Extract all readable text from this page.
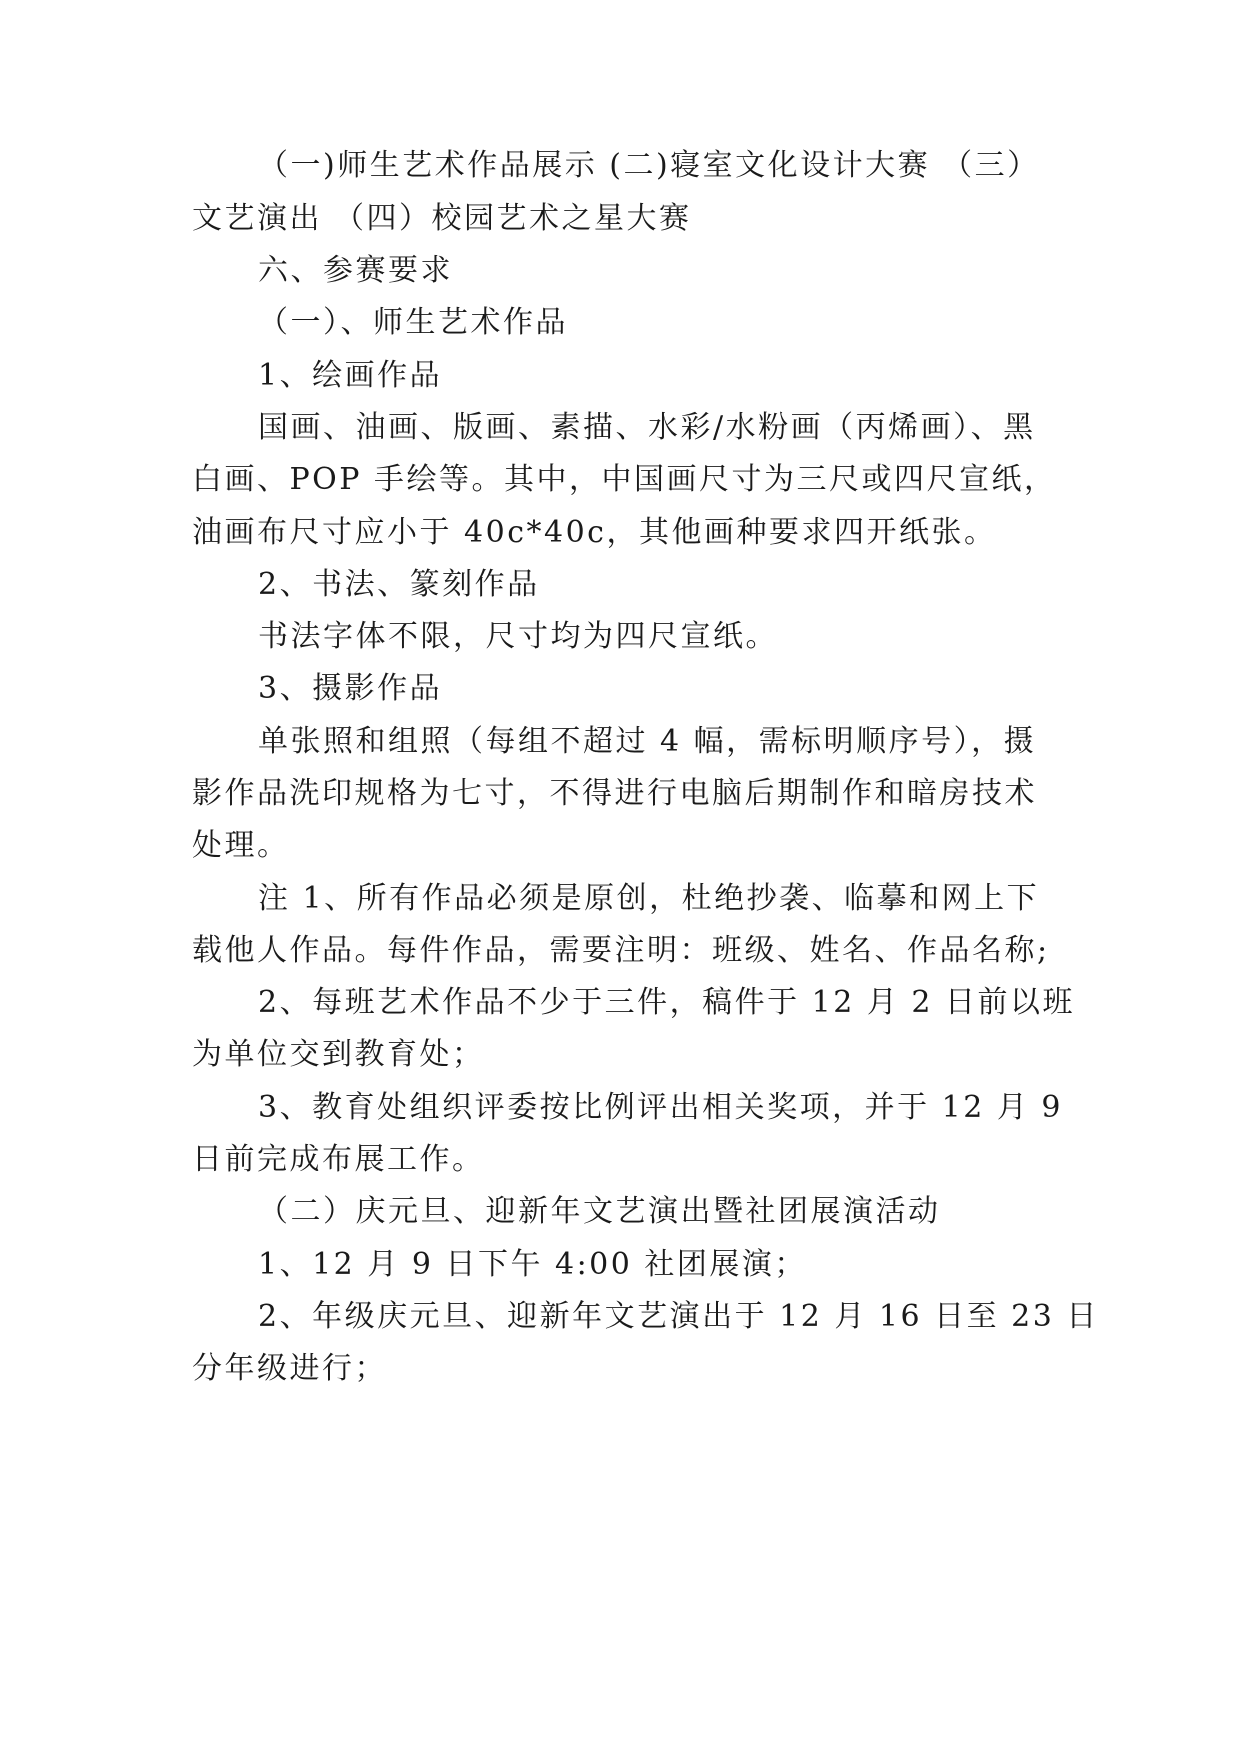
（一)师生艺术作品展示 (二)寝室文化设计大赛 （三）
文艺演出 （四）校园艺术之星大赛
六、参赛要求
（一）、师生艺术作品
1、绘画作品
国画、油画、版画、素描、水彩/水粉画（丙烯画）、黑
白画、POP 手绘等。其中，中国画尺寸为三尺或四尺宣纸，
油画布尺寸应小于 40c*40c，其他画种要求四开纸张。
2、书法、篆刻作品
书法字体不限，尺寸均为四尺宣纸。
3、摄影作品
单张照和组照（每组不超过 4 幅，需标明顺序号），摄
影作品洗印规格为七寸，不得进行电脑后期制作和暗房技术
处理。
注 1、所有作品必须是原创，杜绝抄袭、临摹和网上下
载他人作品。每件作品，需要注明：班级、姓名、作品名称;
2、每班艺术作品不少于三件，稿件于 12 月 2 日前以班
为单位交到教育处；
3、教育处组织评委按比例评出相关奖项，并于 12 月 9
日前完成布展工作。
（二）庆元旦、迎新年文艺演出暨社团展演活动
1、12 月 9 日下午 4:00 社团展演；
2、年级庆元旦、迎新年文艺演出于 12 月 16 日至 23 日
分年级进行；
